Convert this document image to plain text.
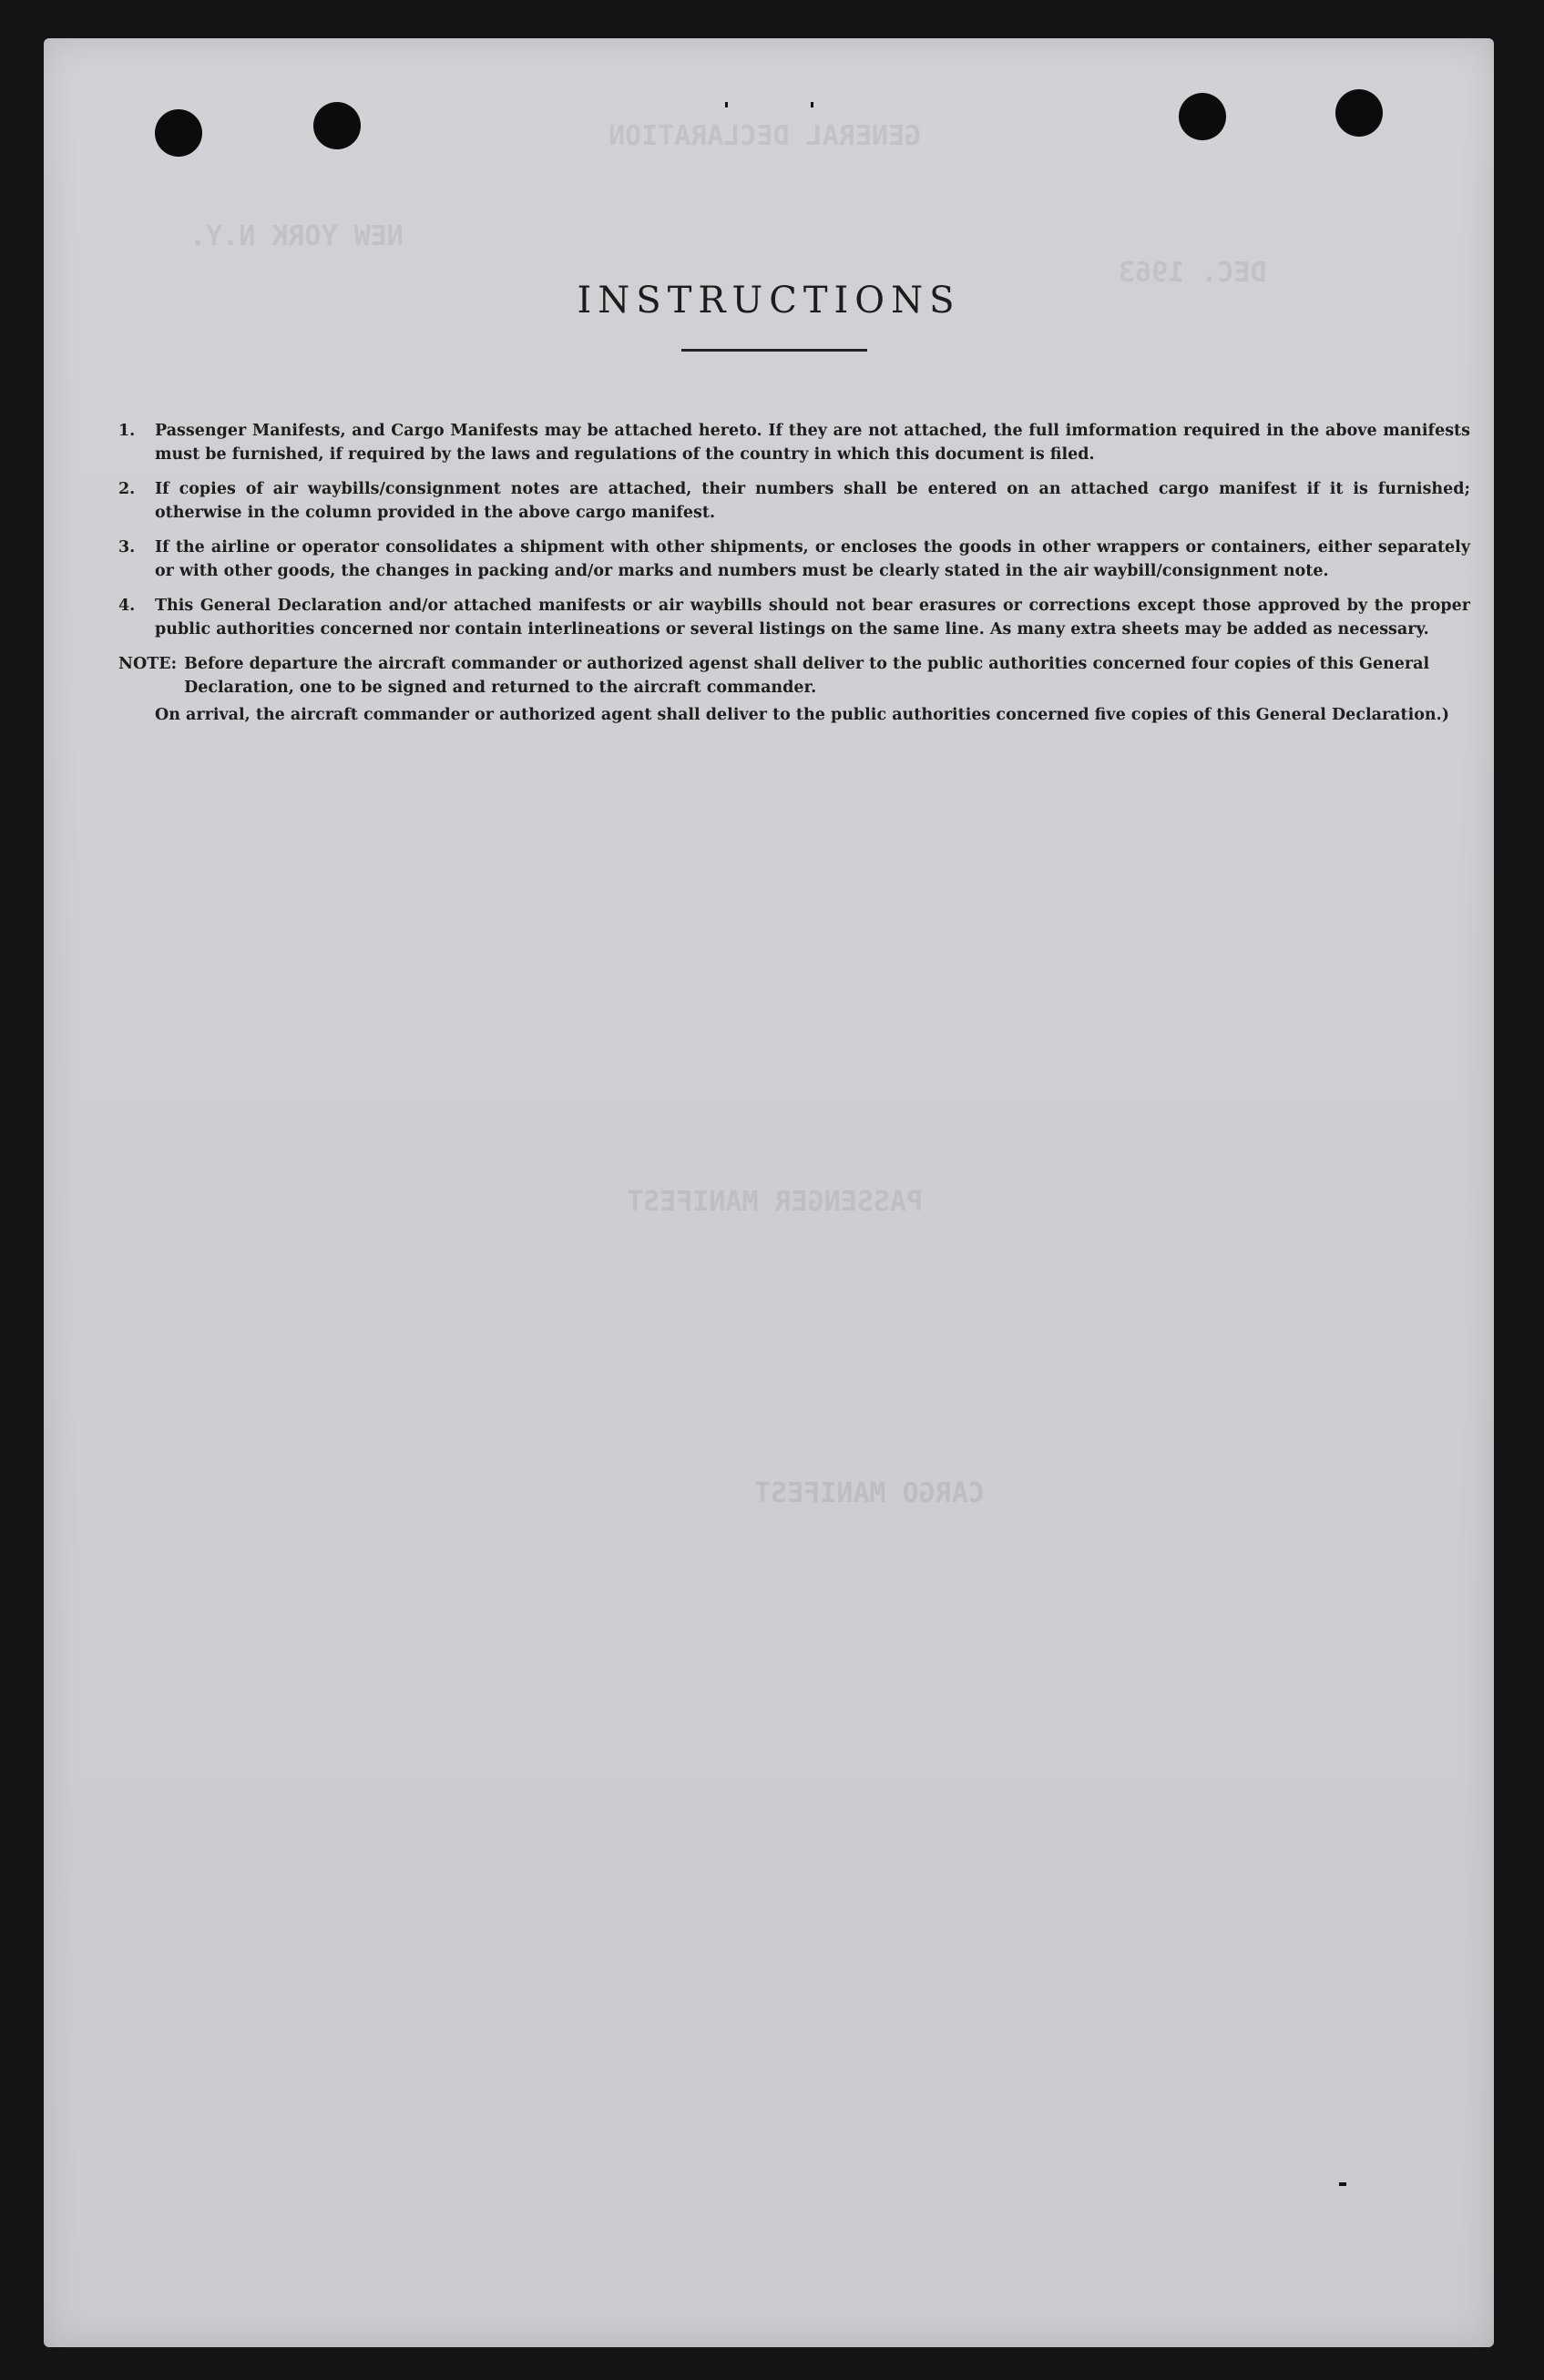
GENERAL DECLARATION
NEW YORK N.Y.
DEC. 1963
PASSENGER MANIFEST
CARGO MANIFEST
INSTRUCTIONS
1.	Passenger Manifests, and Cargo Manifests may be attached hereto. If they are not attached, the full imformation required in the above manifests must be furnished, if required by the laws and regulations of the country in which this document is filed.
2.	If copies of air waybills/consignment notes are attached, their numbers shall be entered on an attached cargo manifest if it is furnished; otherwise in the column provided in the above cargo manifest.
3.	If the airline or operator consolidates a shipment with other shipments, or encloses the goods in other wrappers or containers, either separately or with other goods, the changes in packing and/or marks and numbers must be clearly stated in the air waybill/consignment note.
4.	This General Declaration and/or attached manifests or air waybills should not bear erasures or corrections except those approved by the proper public authorities concerned nor contain interlineations or several listings on the same line. As many extra sheets may be added as necessary.
NOTE: Before departure the aircraft commander or authorized agenst shall deliver to the public authorities concerned four copies of this General Declaration, one to be signed and returned to the aircraft commander.
On arrival, the aircraft commander or authorized agent shall deliver to the public authorities concerned five copies of this General Declaration.)
